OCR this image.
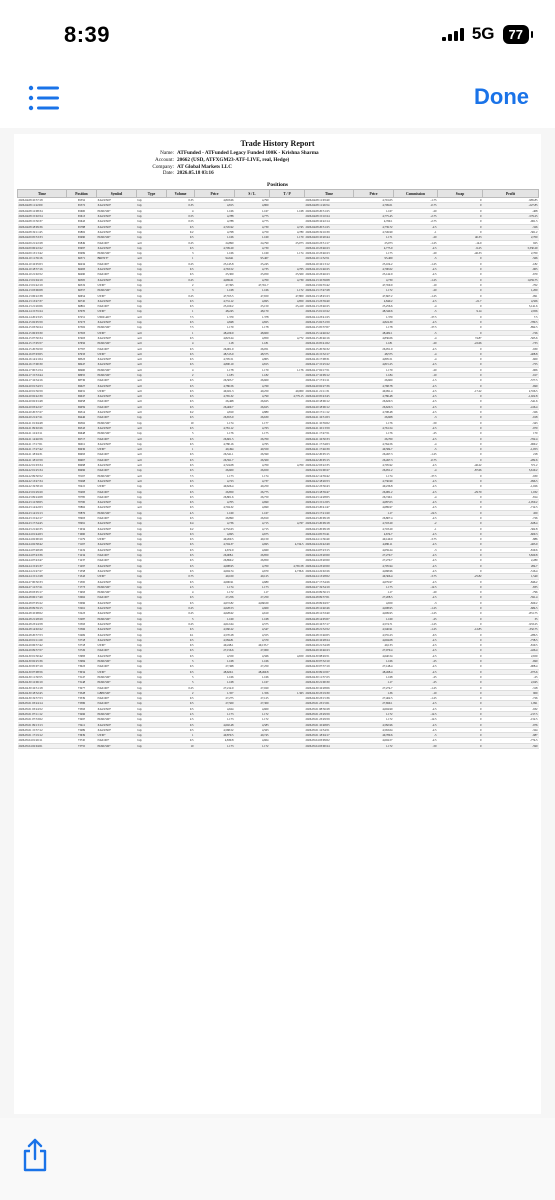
8:39	5G	77
Done
Trade History Report
Name: ATFunded - ATFunded Legacy Funded 100K - Krishna Sharma
Account: 20662 (USD, ATFXGM23-ATF-LIVE, real, Hedge)
Company: AT Global Markets LLC
Date: 2026.05.18 03:16
Positions
Time	Position	Symbol	Type	Volume	Price	S / L	T / P	Time	Price	Commission	Swap	Profit
2026.04.08 10:57:18	65552	XAUUSD+	buy	0.35	4,818.66	4,790		2026.04.08 11:03:40	4,791.05	-1.75	0	-985.85
2026.04.08 11:22:09	65572	XAUUSD+	buy	0.35	4,815	4,800		2026.04.08 11:26:54	4,799.01	-0.75	0	-227.85
2026.04.08 12:08:34	65600	EURUSD+	buy	4	1.166	1.167	1.168	2026.04.08 20:31:25	1.167	-20	0	-408
2026.04.08 15:02:54	65613	XAUUSD+	buy	0.55	4,788	4,775		2026.04.08 15:10:24	4,775.45	-2.75	0	-579.25
2026.04.08 15:50:37	65643	XAUUSD+	buy	0.55	4,788	4,775		2026.04.08 16:22:14	4,769.1	-2.75	0	-961.5
2026.04.08 18:09:36	65788	XAUUSD+	buy	0.5	4,745.92	4,730	4,745	2026.04.08 20:31:25	4,739.72	-2.5	0	-326
2026.04.08 19:11:45	65802	XAUUSD+	buy	0.2	4,768	4,750	4,780	2026.04.08 19:16:39	4,749.99	-1	0	-361.2
2026.04.09 05:53:33	65990	EURUSD+	buy	0.5	1.166	1.169	1.170	2026.04.09 10:20:44	1.171	-20	46.33	2,700
2026.04.09 21:22:28	65849	NAS100+	sell	0.25	24,890	24,790	25,073	2026.04.09 23:51:17	25,073	-1.25	-14.9	925
2026.04.09 06:22:22	65997	XAUUSD+	buy	0.5	4,709.29	4,730		2026.04.10 23:46:23	4,775.9	-2.5	-9.25	3,330.29
2026.04.09 13:13:42	65999	EURUSD+	buy	3	1.166	1.169	1.174	2026.04.10 23:46:23	1.175	-20	-46.33	2,700
2026.04.10 11:59:16	66371	BRENT+	sell	1	94.641	95.407		2026.04.10 11:52:51	95.409	-5	0	-566
2026.04.10 16:05:03	66434	NAS100+	buy	0.25	25,145.8	25,245		2026.04.10 16:13:12	25,104.2	-1.25	0	-182
2026.04.10 18:37:16	66483	XAUUSD+	buy	0.5	4,763.52	4,735	4,765	2026.04.10 21:46:25	4,700.02	-2.5	0	-905
2026.04.10 21:02:52	66490	NAS100+	buy	0.5	25,300	25,050	25,500	2026.04.10 23:46:23	25,142.9	-2.5	0	-670
2026.04.13 01:04:19	66505	XAUUSD+	buy	0.25	4,669.61	4,700	4,730	2026.04.13 10:39:08	4,730	-1.25	0	1,659.75
2026.04.13 01:42:19	66519	US30+	buy	2	47,395	47,351.7		2026.04.13 02:35:42	47,359.9	-10	0	-702
2026.04.13 03:06:08	66557	EURUSD+	buy	3	1.168	1.166	1.172	2026.04.13 17:47:28	1.172	-20	0	1,200
2026.04.13 06:22:38	66654	US30+	buy	0.25	47,553.5	47,650	47,800	2026.04.13 18:45:23	47,667.2	-1.25	0	-991
2026.04.13 13:47:37	66745	XAUUSD+	buy	0.5	4,731.12	4,695	4,850	2026.04.13 23:39:40	4,840.2	-2.5	-21.7	4,506
2026.04.13 21:26:06	66861	NAS100+	buy	0.5	25,160.2	25,150	25,410	2026.04.13 23:46:25	25,256.6	-4	0	3,141.6
2026.04.14 15:55:24	67070	US30+	buy	1	48,245	48,170		2026.04.15 01:10:22	48,340.6	-5	9.14	2,956
2026.04.14 20:23:25	67251	USDCAD+	sell	7.5	1.379	1.378		2026.04.14 23:41:25	1.379	-37.5	0	7.5
2026.04.15 02:05:59	67273	XAUUSD+	buy	0.5	4,848	4,825		2026.04.15 02:51:59	4,824.39	-2.5	0	-780.5
2026.04.15 03:56:24	67302	EURUSD+	buy	7.5	1.179	1.178		2026.04.15 05:37:07	1.178	-37.5	0	-892.5
2026.04.15 06:03:30	67303	US30+	sell	1	48,229.9	48,600		2026.04.15 14:46:22	48,482.1	-5	0	-726
2026.04.15 07:50:34	67403	XAUUSD+	sell	0.5	4,823.24	4,850	4,772	2026.04.15 20:46:16	4,836.06	-4	74.87	-565.6
2026.04.15 17:05:57	67656	EURUSD+	sell	4	1.18	1.181		2026.04.16 05:41:02	1.181	-20	-22.66	-733
2026.04.15 20:59:50	67767	NAS100+	sell	0.5	26,001.9	26,051		2026.04.15 20:36:32	26,051.9	-2.5	0	-930
2026.04.16 07:03:05	67933	US30+	sell	0.5	48,513.9	48,575		2026.04.16 15:32:17	48,575	-4	0	-408.8
2026.04.16 14:21:04	68323	XAUUSD+	sell	0.5	4,795.51	4,805		2026.04.16 17:08:31	4,805.51	-4	0	-600
2026.04.16 17:00:30	68447	XAUUSD+	sell	0.5	4,800.19	4,815		2026.04.17 15:25:22	4,815.25	-2.5	0	-755
2026.04.17 00:31:54	68460	EURUSD+	sell	4	1.178	1.179	1.176	2026.04.17 02:17:51	1.179	-20	0	-906
2026.04.17 15:53:44	68655	EURUSD+	buy	2	1.183	1.182		2026.04.17 16:09:12	1.184	-10	0	-917
2026.04.17 16:34:16	68736	NAS100+	sell	0.5	26,503.7	26,600		2026.04.17 17:01:11	26,600	-1.5	0	-577.5
2026.04.20 01:34:53	69027	XAUUSD+	sell	0.5	4,786.56	4,769		2026.04.20 02:27:36	4,768.78	-2.5	0	-699
2026.04.20 01:56:59	69031	US30+	sell	0.5	49,021.3	49,250	49,000	2026.04.21 21:11:31	49,091.4	-2.5	-17.22	2,556.5
2026.04.20 02:42:39	69047	XAUUSD+	sell	0.5	4,765.32	4,790	4,779.15	2026.04.20 05:43:45	4,786.48	-2.5	0	-1,022.8
2026.04.20 02:01:48	69058	NAS100+	sell	0.5	26,468	26,625		2026.04.20 18:06:12	26,620.3	-2.5	0	-541.6
2026.04.20 03:42:27	69059	NAS100+	sell	0.5	26,469.7	26,625		2026.04.20 18:06:12	26,620.3	-2.5	0	-416.4
2026.04.20 20:37:27	69314	XAUUSD+	sell	0.2	4,810	4,880		2026.04.20 17:11:12	4,798.48	-2.5	0	-326
2026.04.20 21:47:21	69446	NAS100+	buy	0.5	26,653.9	26,630		2026.04.21 16:31:03	26,608	-3	0	-918
2026.04.21 01:04:48	69562	EURUSD+	buy	10	1.174	1.177		2026.04.21 10:59:02	1.176	-50	0	-343
2026.04.21 09:02:26	69543	XAUUSD+	sell	0.5	4,781.12	4,763		2026.04.21 10:13:59	4,761.54	-2.5	0	-970
2026.04.21 12:43:11	69648	EURUSD+	buy	5	1.176	1.175		2026.04.21 17:47:51	1.176	-25	0	170
2026.04.21 14:46:56	69717	NAS100+	sell	0.5	26,601.5	26,700		2026.04.21 16:50:33	26,700	-2.5	0	-762.4
2026.04.21 17:17:01	69911	XAUUSD+	buy	0.5	4,780.16	4,765		2026.04.21 17:34:03	4,764.56	-4	0	-969.2
2026.04.21 17:27:42	69936	US30+	sell	1	49,494	49,550		2026.04.21 17:46:39	49,584.7	-5	0	-1,053
2026.04.21 18:04:31	69993	NAS100+	sell	0.5	26,541.1	26,590		2026.04.22 20:05:15	26,497.3	-1.25	0	218
2026.04.21 18:10:59	69967	NAS100+	sell	0.5	26,591.7	26,500		2026.04.22 20:05:15	26,497.3	-0.75	0	-282.6
2026.04.22 01:03:34	69998	XAUUSD+	sell	0.5	4,724.08	4,700	4,700	2026.04.22 03:22:35	4,705.92	-2.5	-46.22	571.2
2026.04.22 01:25:34	69996	NAS100+	buy	0.5	26,600	26,650		2026.04.22 01:00:27	26,951.2	-4	-87.66	3,619.2
2026.04.22 09:50:52	70167	EURUSD+	sell	7.5	1.173	1.174		2026.04.22 14:39:42	1.174	-37.5	0	-930
2026.04.22 13:47:34	70268	XAUUSD+	sell	0.5	4,723	4,737		2026.04.22 18:26:53	4,736.99	-2.5	0	-996.5
2026.04.22 19:58:19	70415	US30+	buy	0.5	49,626.4	49,250		2026.04.22 23:36:43	49,236.8	-2.5	0	-1,026
2026.04.23 01:29:29	70483	NAS100+	buy	0.5	26,850	26,775		2026.04.23 18:39:47	26,981.2	-2.5	-29.79	1,032
2026.04.23 09:24:08	70785	NAS100+	buy	0.5	26,801.6	26,750		2026.04.23 14:28:05	26,749.1	-4	0	-814
2026.04.23 12:38:05	70700	XAUUSD+	buy	0.5	4,705	4,690		2026.04.23 15:12:05	4,687.03	-2.5	0	-1,050.2
2026.04.23 14:42:03	70862	XAUUSD+	sell	0.5	4,704.32	4,690		2026.04.23 20:41:47	4,689.97	-2.5	0	-712.5
2026.04.23 14:19:13	70876	EURUSD+	buy	4.5	1.169	1.167		2026.04.23 17:21:20	1.17	-22.5	0	450
2026.04.23 15:42:17	70903	NAS100+	buy	0.5	26,890	26,810		2026.04.23 20:09:18	26,807.4	-2.5	0	-726
2026.04.23 17:34:45	70991	XAUUSD+	buy	0.4	4,736	4,715	4,767	2026.04.23 20:09:18	4,718.29	-2	0	-628.4
2026.04.23 21:40:35	71034	XAUUSD+	buy	0.2	4,752.63	4,715		2026.04.23 20:09:18	4,718.29	-1	0	-362.8
2026.04.24 01:44:03	71060	XAUUSD+	buy	0.3	4,695	4,675		2026.04.24 05:35:41	4,674.7	-2.5	0	-609.3
2026.04.24 02:00:29	71179	US30+	buy	0.5	49,260.5	49,150		2026.04.24 11:36:49	49,149.9	-3.75	0	-886
2026.04.24 02:58:42	71197	XAUUSD+	buy	0.5	4,704.37	4,695	4,724.5	2026.04.24 22:42:49	4,686.11	-2.5	0	-463.9
2026.04.24 07:48:28	71219	XAUUSD+	buy	0.5	4,672.9	4,660		2026.04.24 07:23:15	4,659.24	-3	0	-819.6
2026.04.24 07:43:36	71234	NAS100+	buy	0.5	26,908.1	26,850		2026.04.24 23:20:00	27,270.7	-2.5	0	3,820.8
2026.04.24 07:43:47	71237	NAS100+	buy	0.5	26,899.2	26,850		2026.04.24 23:20:00	27,270.7	-2.5	0	2,280
2026.04.24 15:45:37	71297	XAUUSD+	buy	0.5	4,698.95	4,700	4,765.58	2026.04.24 23:20:00	4,705.94	-2.5	0	284.7
2026.04.24 21:47:27	71358	XAUUSD+	buy	0.5	4,694.74	4,670	4,736.6	2026.04.24 22:02:26	4,668.96	-2.5	0	-516.4
2026.04.24 15:12:28	71343	US30+	buy	0.75	49,100	49,125		2026.04.24 13:28:02	49,366.4	-3.75	-25.82	1,540
2026.04.27 00:50:33	71395	XAUUSD+	buy	0.5	4,696.91	4,680		2026.04.27 17:54:26	4,679.97	-2.5	0	-846.2
2026.04.27 12:37:21	71773	EURUSD+	buy	2.5	1.174	1.173		2026.04.27 19:54:19	1.175	-12.5	0	-835
2026.04.28 03:05:17	71993	EURUSD+	buy	4	1.172	1.17		2026.04.29 09:56:13	1.17	-20	0	-796
2026.04.28 06:17:49	72062	NAS100+	buy	0.5	27,256	27,250		2026.04.28 09:37:01	27,208.5	-2.5	0	-591.4
2026.04.28 07:05:22	72096	XAUUSD+	buy	0.5	4,672.82	4,660.09		2026.04.28 09:04:57	4,659	-3	0	-829.2
2026.04.28 09:59:15	72261	XAUUSD+	buy	0.25	4,628.53	4,609		2026.04.28 12:40:46	4,608.95	-1.25	0	-684.5
2026.04.28 10:08:02	72223	XAUUSD+	buy	0.25	4,628.62	4,610		2026.04.28 12:33:40	4,609.95	-1.25	0	-831.75
2026.04.28 21:28:29	72287	EURUSD+	buy	5	1.169	1.168		2026.04.28 14:05:07	1.169	-25	0	35
2026.04.28 23:24:58	72393	XAUUSD+	buy	0.25	4,612.64	4,575		2026.04.29 16:57:17	4,574.71	-1.25	0	-933.25
2026.04.28 14:02:22	72366	XAUUSD+	buy	0.5	4,560.22	4,547		2026.04.28 21:52:52	4,546.91	-1.25	-12.85	-332.75
2026.04.28 20:57:53	72469	XAUUSD+	buy	0.1	4,570.28	4,555		2026.04.28 15:46:05	4,555.23	-0.5	0	-286.5
2026.04.29 01:11:29	72718	XAUUSD+	buy	0.5	4,584.81	4,570		2026.04.29 16:28:24	4,604.08	-2.5	0	-758.5
2026.04.29 06:57:42	72718	US30+	buy	0.5	49,248.1	49,133.7		2026.04.29 21:34:28	49,133	-2.5	0	-810.5
2026.04.29 09:57:57	72726	NAS100+	buy	0.5	27,156.6	27,000		2026.04.29 10:46:23	27,079.4	-2.5	0	-426.4
2026.04.30 01:30:42	72983	XAUUSD+	buy	0.5	4,559	4,566	4,650	2026.04.30 08:49:51	4,640.54	-2.5	0	2,659
2026.04.30 02:25:36	72984	EURUSD+	buy	5	1.168	1.166		2026.04.30 07:32:10	1.166	-25	0	-690
2026.04.30 05:07:19	73023	NAS100+	buy	0.5	27,368	27,250		2026.04.30 07:37:19	27,148.4	-2.5	0	-908.4
2026.04.30 07:08:56	73034	US30+	buy	0.5	48,620.1	48,499.8		2026.04.30 09:10:07	48,498.4	-2.5	0	-973.6
2026.04.30 11:30:55	73147	EURUSD+	buy	5	1.166	1.166		2026.04.30 11:57:23	1.168	-25	0	-25
2026.04.30 12:06:19	73148	EURUSD+	buy	5	1.168	1.167		2026.04.30 21:00:30	1.17	-25	0	2,045
2026.04.30 16:31:18	73277	NAS100+	buy	0.25	27,212.9	27,020		2026.04.30 16:28:06	27,274.7	-1.25	0	-318
2026.04.30 18:32:45	73328	GBPUSD+	buy	2	1.357	1.356	1.363	2026.04.30 23:19:30	1.36	-10	0	909
2026.04.30 19:57:53	73339	NAS100+	buy	0.5	27,275	27,125		2026.04.30 23:15:36	27,462.5	-1.25	0	-726
2026.05.01 03:24:14	73386	NAS100+	buy	0.5	27,500	27,300		2026.05.01 23:15:01	27,699.1	-2.5	0	1,991
2026.05.01 03:24:52	73393	XAUUSD+	buy	0.5	4,624	4,600		2026.05.01 08:36:28	4,604.99	-2.5	0	-932
2026.05.01 07:11:12	73496	EURUSD+	buy	2.5	1.173	1.172		2026.05.01 23:29:59	1.172	-12.5	0	-217.5
2026.05.01 07:33:02	73497	EURUSD+	buy	2.5	1.173	1.172		2026.05.01 23:29:59	1.172	-12.5	0	-152.5
2026.05.01 09:13:13	73411	XAUUSD+	buy	0.5	4,602.48	4,583		2026.05.01 10:48:05	4,582.96	-2.5	0	-976
2026.05.01 15:57:12	73489	XAUUSD+	buy	0.5	4,568.52	4,563		2026.05.01 12:54:51	4,563.04	-2.5	0	-324
2026.05.01 17:19:12	73639	US30+	buy	1	49,870.5	49,745		2026.05.01 18:04:17	49,780.6	-5	0	-987
2026.05.04 01:26:11	73745	NAS100+	buy	0.5	4,830.8	4,604		2026.05.04 03:09:02	4,604.57	-2.5	0	-774.5
2026.05.04 02:04:01	73755	EURUSD+	buy	10	1.173	1.172		2026.05.04 03:00:24	1.172	-50	0	-590
